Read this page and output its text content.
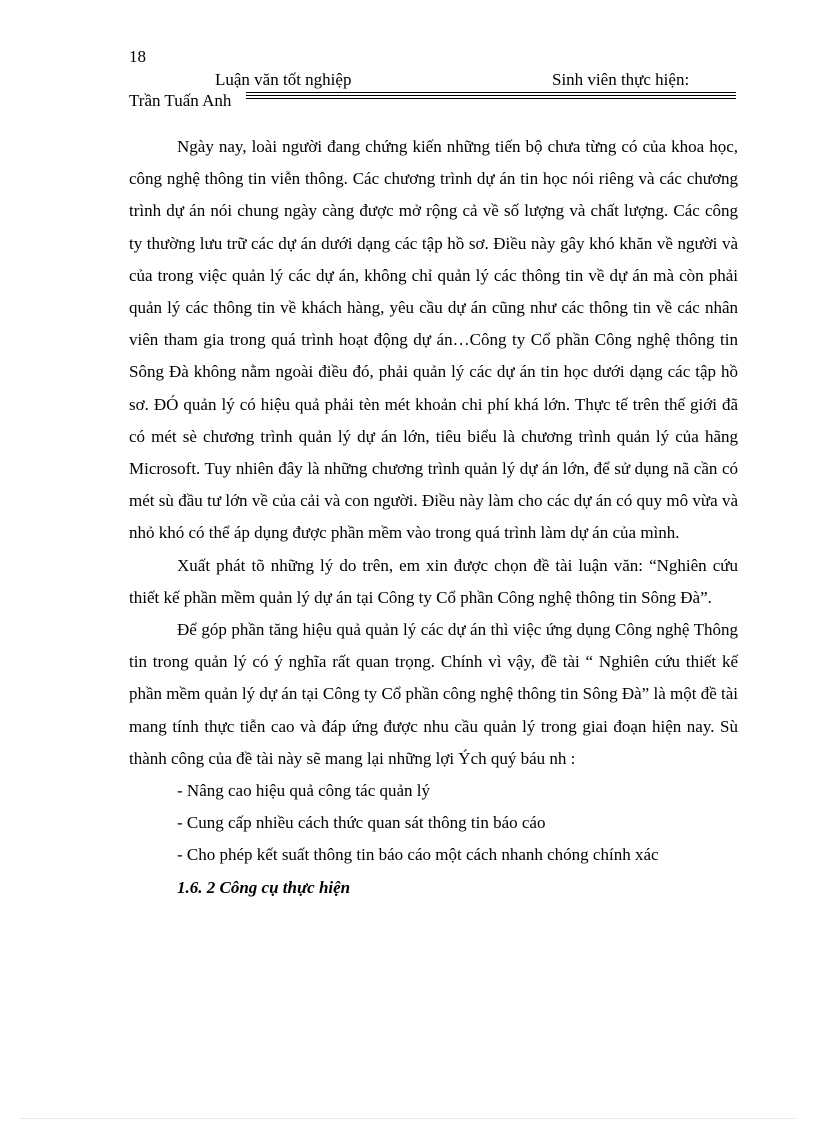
18
Luận văn tốt nghiệp	Sinh viên thực hiện:
Trần Tuấn Anh

Ngày nay, loài người đang chứng kiến những tiến bộ chưa từng có của khoa học, công nghệ thông tin viễn thông. Các chương trình dự án tin học nói riêng và các chương trình dự án nói chung ngày càng được mở rộng cả về số lượng và chất lượng. Các công ty thường lưu trữ các dự án dưới dạng các tập hồ sơ. Điều này gây khó khăn về người và của trong việc quản lý các dự án, không chỉ quản lý các thông tin về dự án mà còn phải quản lý các thông tin về khách hàng, yêu cầu dự án cũng như các thông tin về các nhân viên tham gia trong quá trình hoạt động dự án…Công ty Cổ phần Công nghệ thông tin Sông Đà không nằm ngoài điều đó, phải quản lý các dự án tin học dưới dạng các tập hồ sơ. ĐÓ quản lý có hiệu quả phải tèn mét khoản chi phí khá lớn. Thực tế trên thế giới đã có mét sè chương trình quản lý dự án lớn, tiêu biểu là chương trình quản lý của hãng Microsoft. Tuy nhiên đây là những chương trình quản lý dự án lớn, để sử dụng nã cần có mét sù đầu tư lớn về của cải và con người. Điều này làm cho các dự án có quy mô vừa và nhỏ khó có thể áp dụng được phần mềm vào trong quá trình làm dự án của mình.

Xuất phát tõ những lý do trên, em xin được chọn đề tài luận văn: “Nghiên cứu thiết kế phần mềm quản lý dự án tại Công ty Cổ phần Công nghệ thông tin Sông Đà”.

Để góp phần tăng hiệu quả quản lý các dự án thì việc ứng dụng Công nghệ Thông tin trong quản lý có ý nghĩa rất quan trọng. Chính vì vậy, đề tài “ Nghiên cứu thiết kế phần mềm quản lý dự án tại Công ty Cổ phần công nghệ thông tin Sông Đà” là một đề tài mang tính thực tiễn cao và đáp ứng được nhu cầu quản lý trong giai đoạn hiện nay. Sù thành công của đề tài này sẽ mang lại những lợi Ých quý báu nh :

- Nâng cao hiệu quả công tác quản lý
- Cung cấp nhiều cách thức quan sát thông tin báo cáo
- Cho phép kết suất thông tin báo cáo một cách nhanh chóng chính xác

1.6. 2 Công cụ thực hiện
